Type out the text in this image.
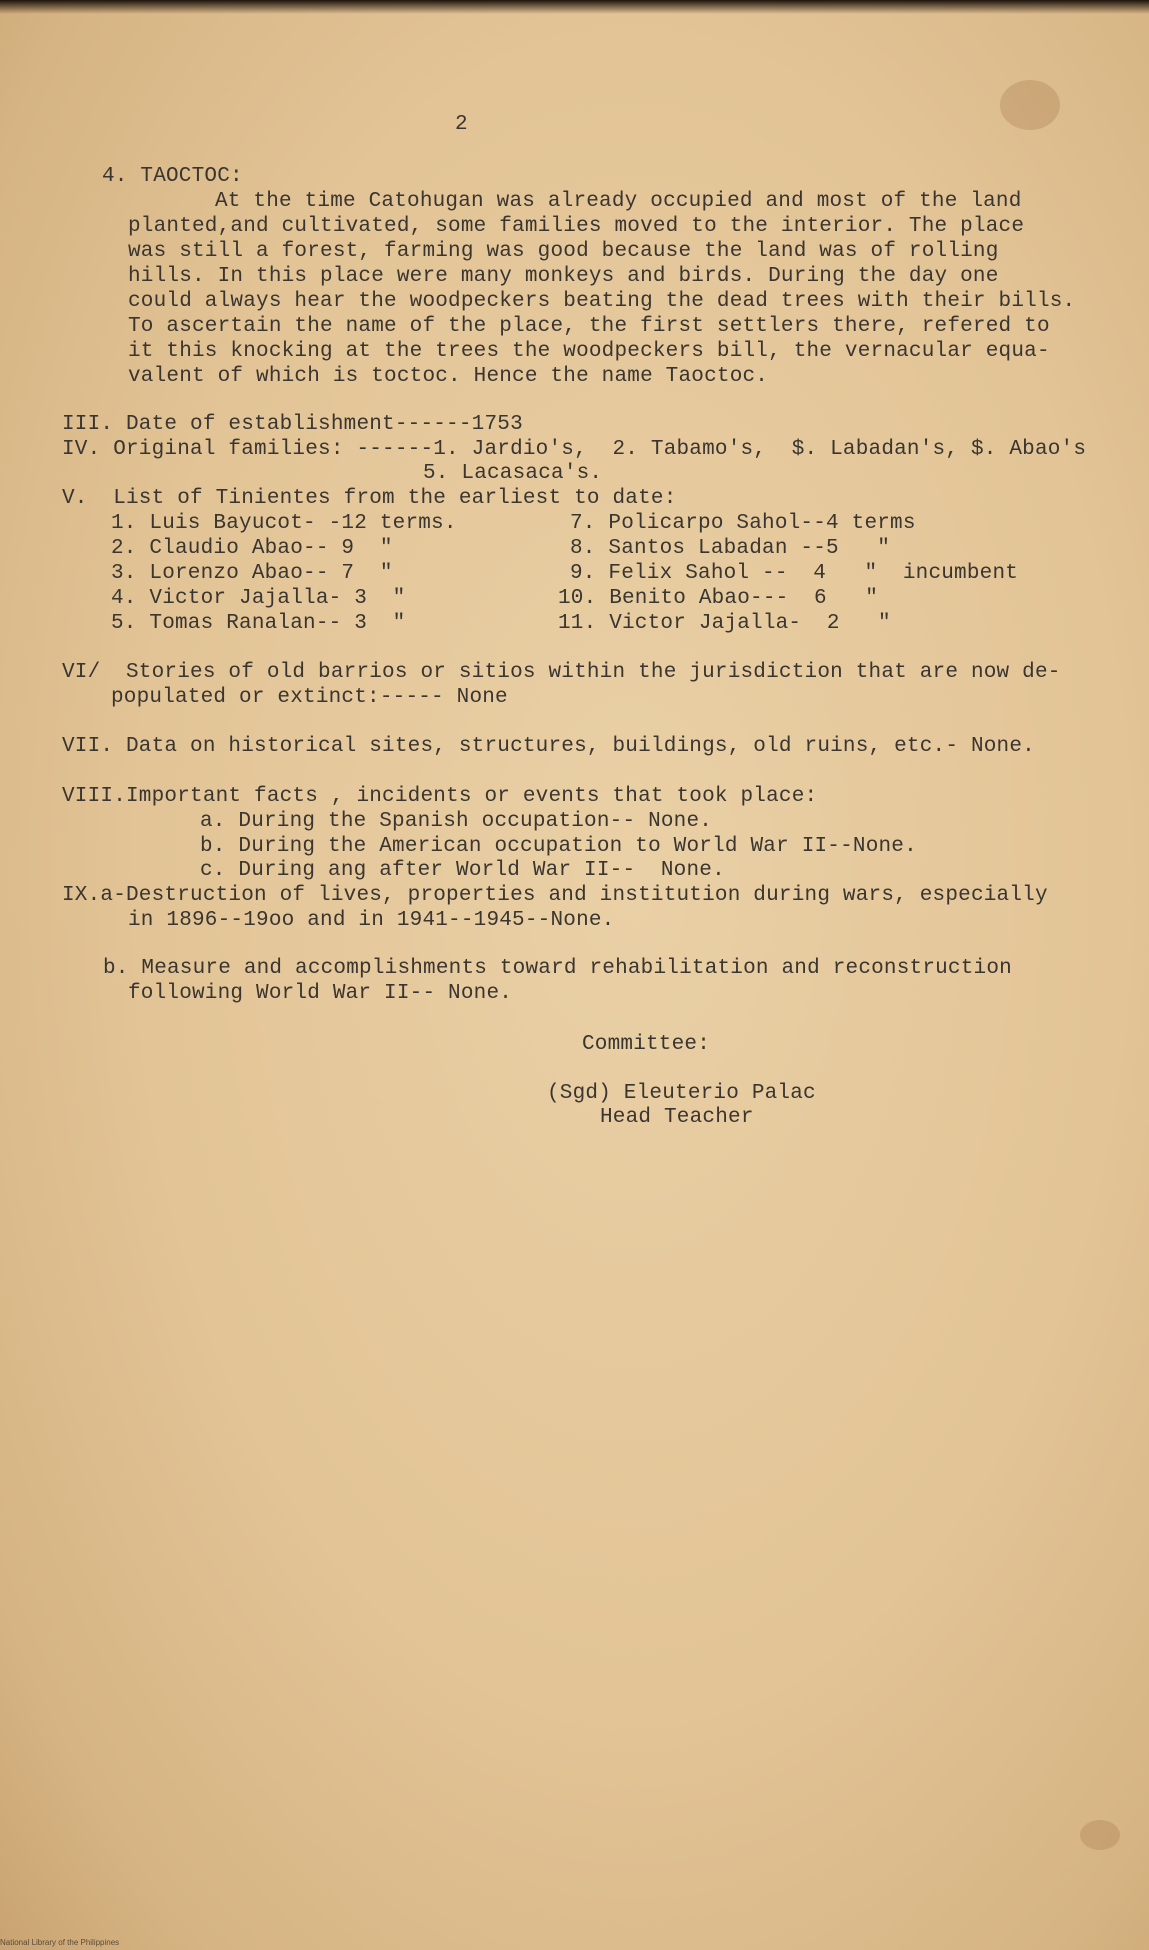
2
4. TAOCTOC:
At the time Catohugan was already occupied and most of the land
planted,and cultivated, some families moved to the interior. The place
was still a forest, farming was good because the land was of rolling
hills. In this place were many monkeys and birds. During the day one
could always hear the woodpeckers beating the dead trees with their bills.
To ascertain the name of the place, the first settlers there, refered to
it this knocking at the trees the woodpeckers bill, the vernacular equa-
valent of which is toctoc. Hence the name Taoctoc.
III. Date of establishment------1753
IV. Original families: ------1. Jardio's,  2. Tabamo's,  $. Labadan's, $. Abao's
5. Lacasaca's.
V.  List of Tinientes from the earliest to date:
1. Luis Bayucot- -12 terms.
2. Claudio Abao-- 9  "
3. Lorenzo Abao-- 7  "
4. Victor Jajalla- 3  "
5. Tomas Ranalan-- 3  "
7. Policarpo Sahol--4 terms
8. Santos Labadan --5   "
9. Felix Sahol --  4   "  incumbent
10. Benito Abao---  6   "
11. Victor Jajalla-  2   "
VI/  Stories of old barrios or sitios within the jurisdiction that are now de-
populated or extinct:----- None
VII. Data on historical sites, structures, buildings, old ruins, etc.- None.
VIII.Important facts , incidents or events that took place:
a. During the Spanish occupation-- None.
b. During the American occupation to World War II--None.
c. During ang after World War II--  None.
IX.a-Destruction of lives, properties and institution during wars, especially
in 1896--19oo and in 1941--1945--None.
b. Measure and accomplishments toward rehabilitation and reconstruction
following World War II-- None.
Committee:
(Sgd) Eleuterio Palac
Head Teacher
National Library of the Philippines
